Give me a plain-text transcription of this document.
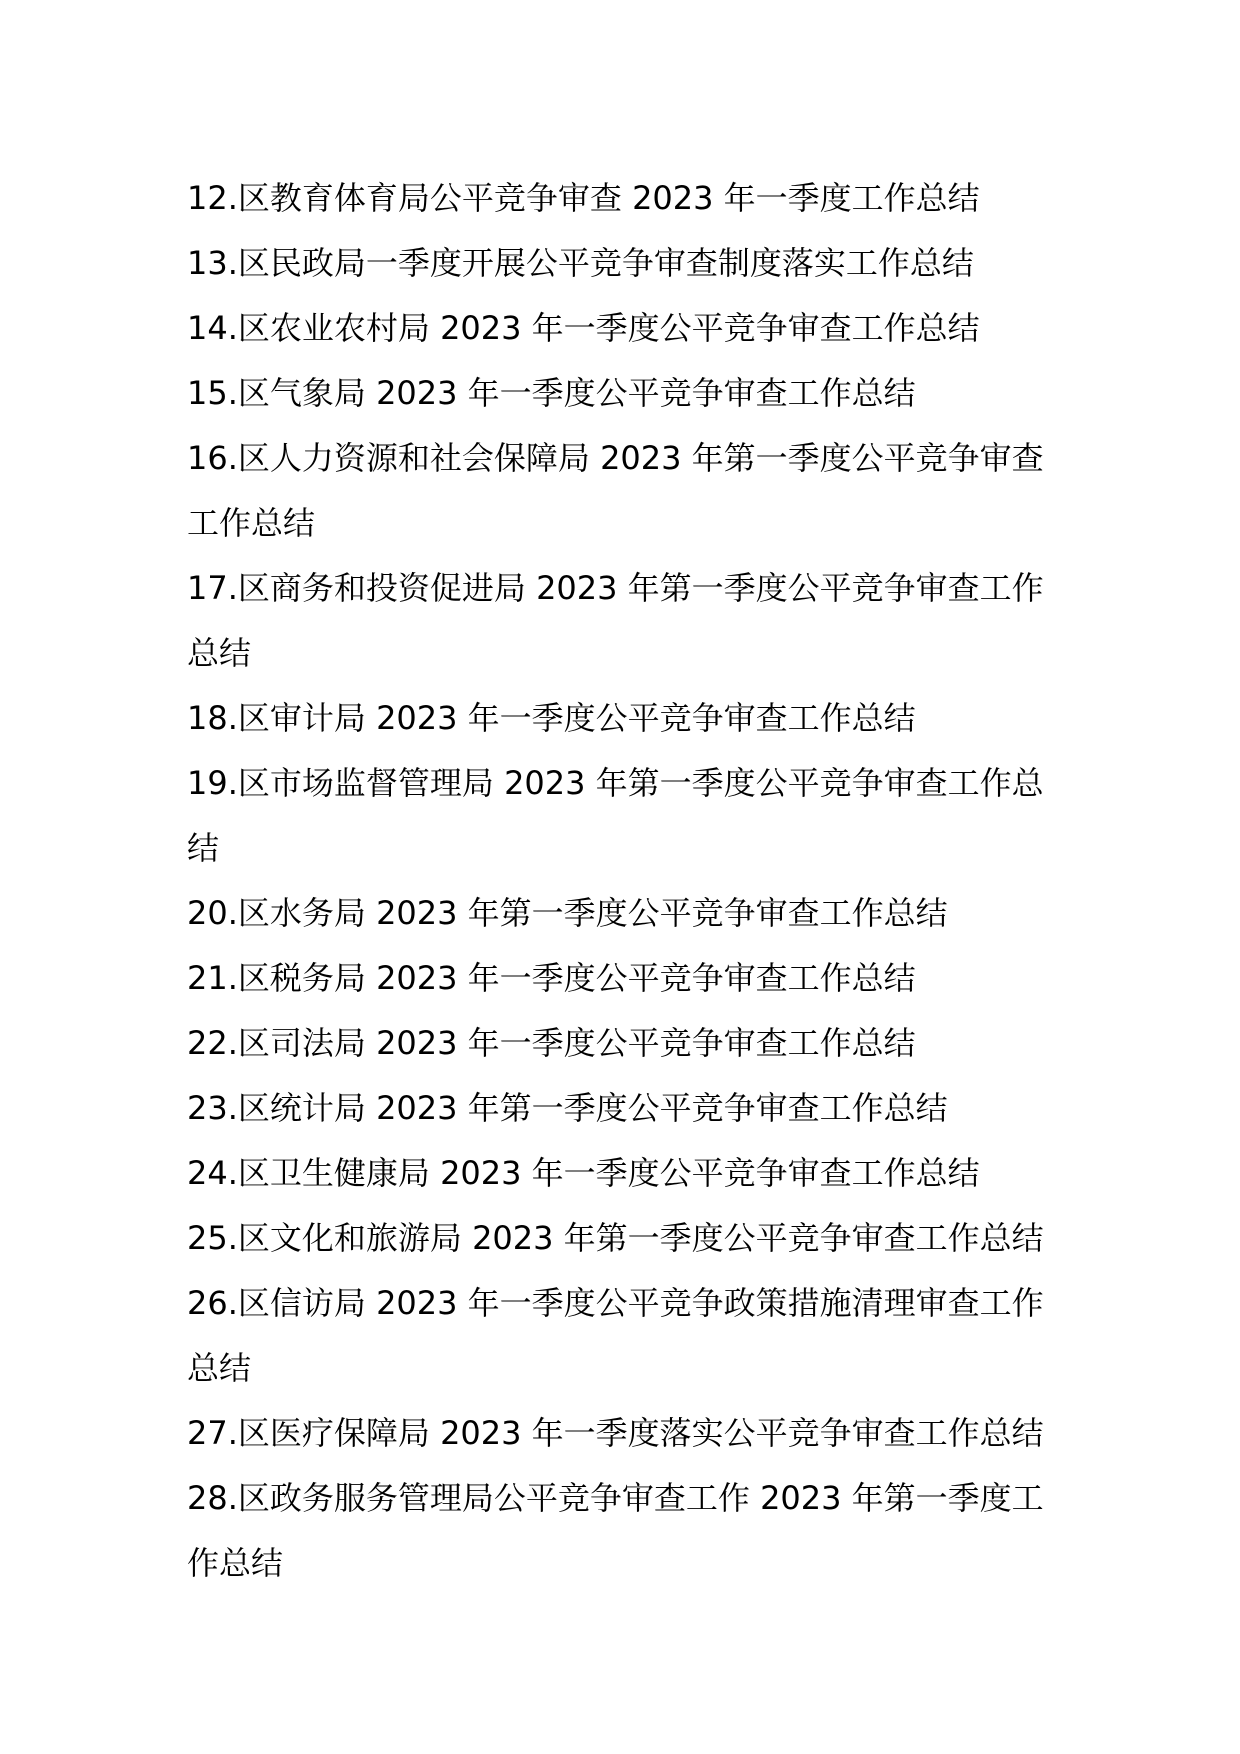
12.区教育体育局公平竞争审查 2023 年一季度工作总结
13.区民政局一季度开展公平竞争审查制度落实工作总结
14.区农业农村局 2023 年一季度公平竞争审查工作总结
15.区气象局 2023 年一季度公平竞争审查工作总结
16.区人力资源和社会保障局 2023 年第一季度公平竞争审查工作总结
17.区商务和投资促进局 2023 年第一季度公平竞争审查工作总结
18.区审计局 2023 年一季度公平竞争审查工作总结
19.区市场监督管理局 2023 年第一季度公平竞争审查工作总结
20.区水务局 2023 年第一季度公平竞争审查工作总结
21.区税务局 2023 年一季度公平竞争审查工作总结
22.区司法局 2023 年一季度公平竞争审查工作总结
23.区统计局 2023 年第一季度公平竞争审查工作总结
24.区卫生健康局 2023 年一季度公平竞争审查工作总结
25.区文化和旅游局 2023 年第一季度公平竞争审查工作总结
26.区信访局 2023 年一季度公平竞争政策措施清理审查工作总结
27.区医疗保障局 2023 年一季度落实公平竞争审查工作总结
28.区政务服务管理局公平竞争审查工作 2023 年第一季度工作总结
